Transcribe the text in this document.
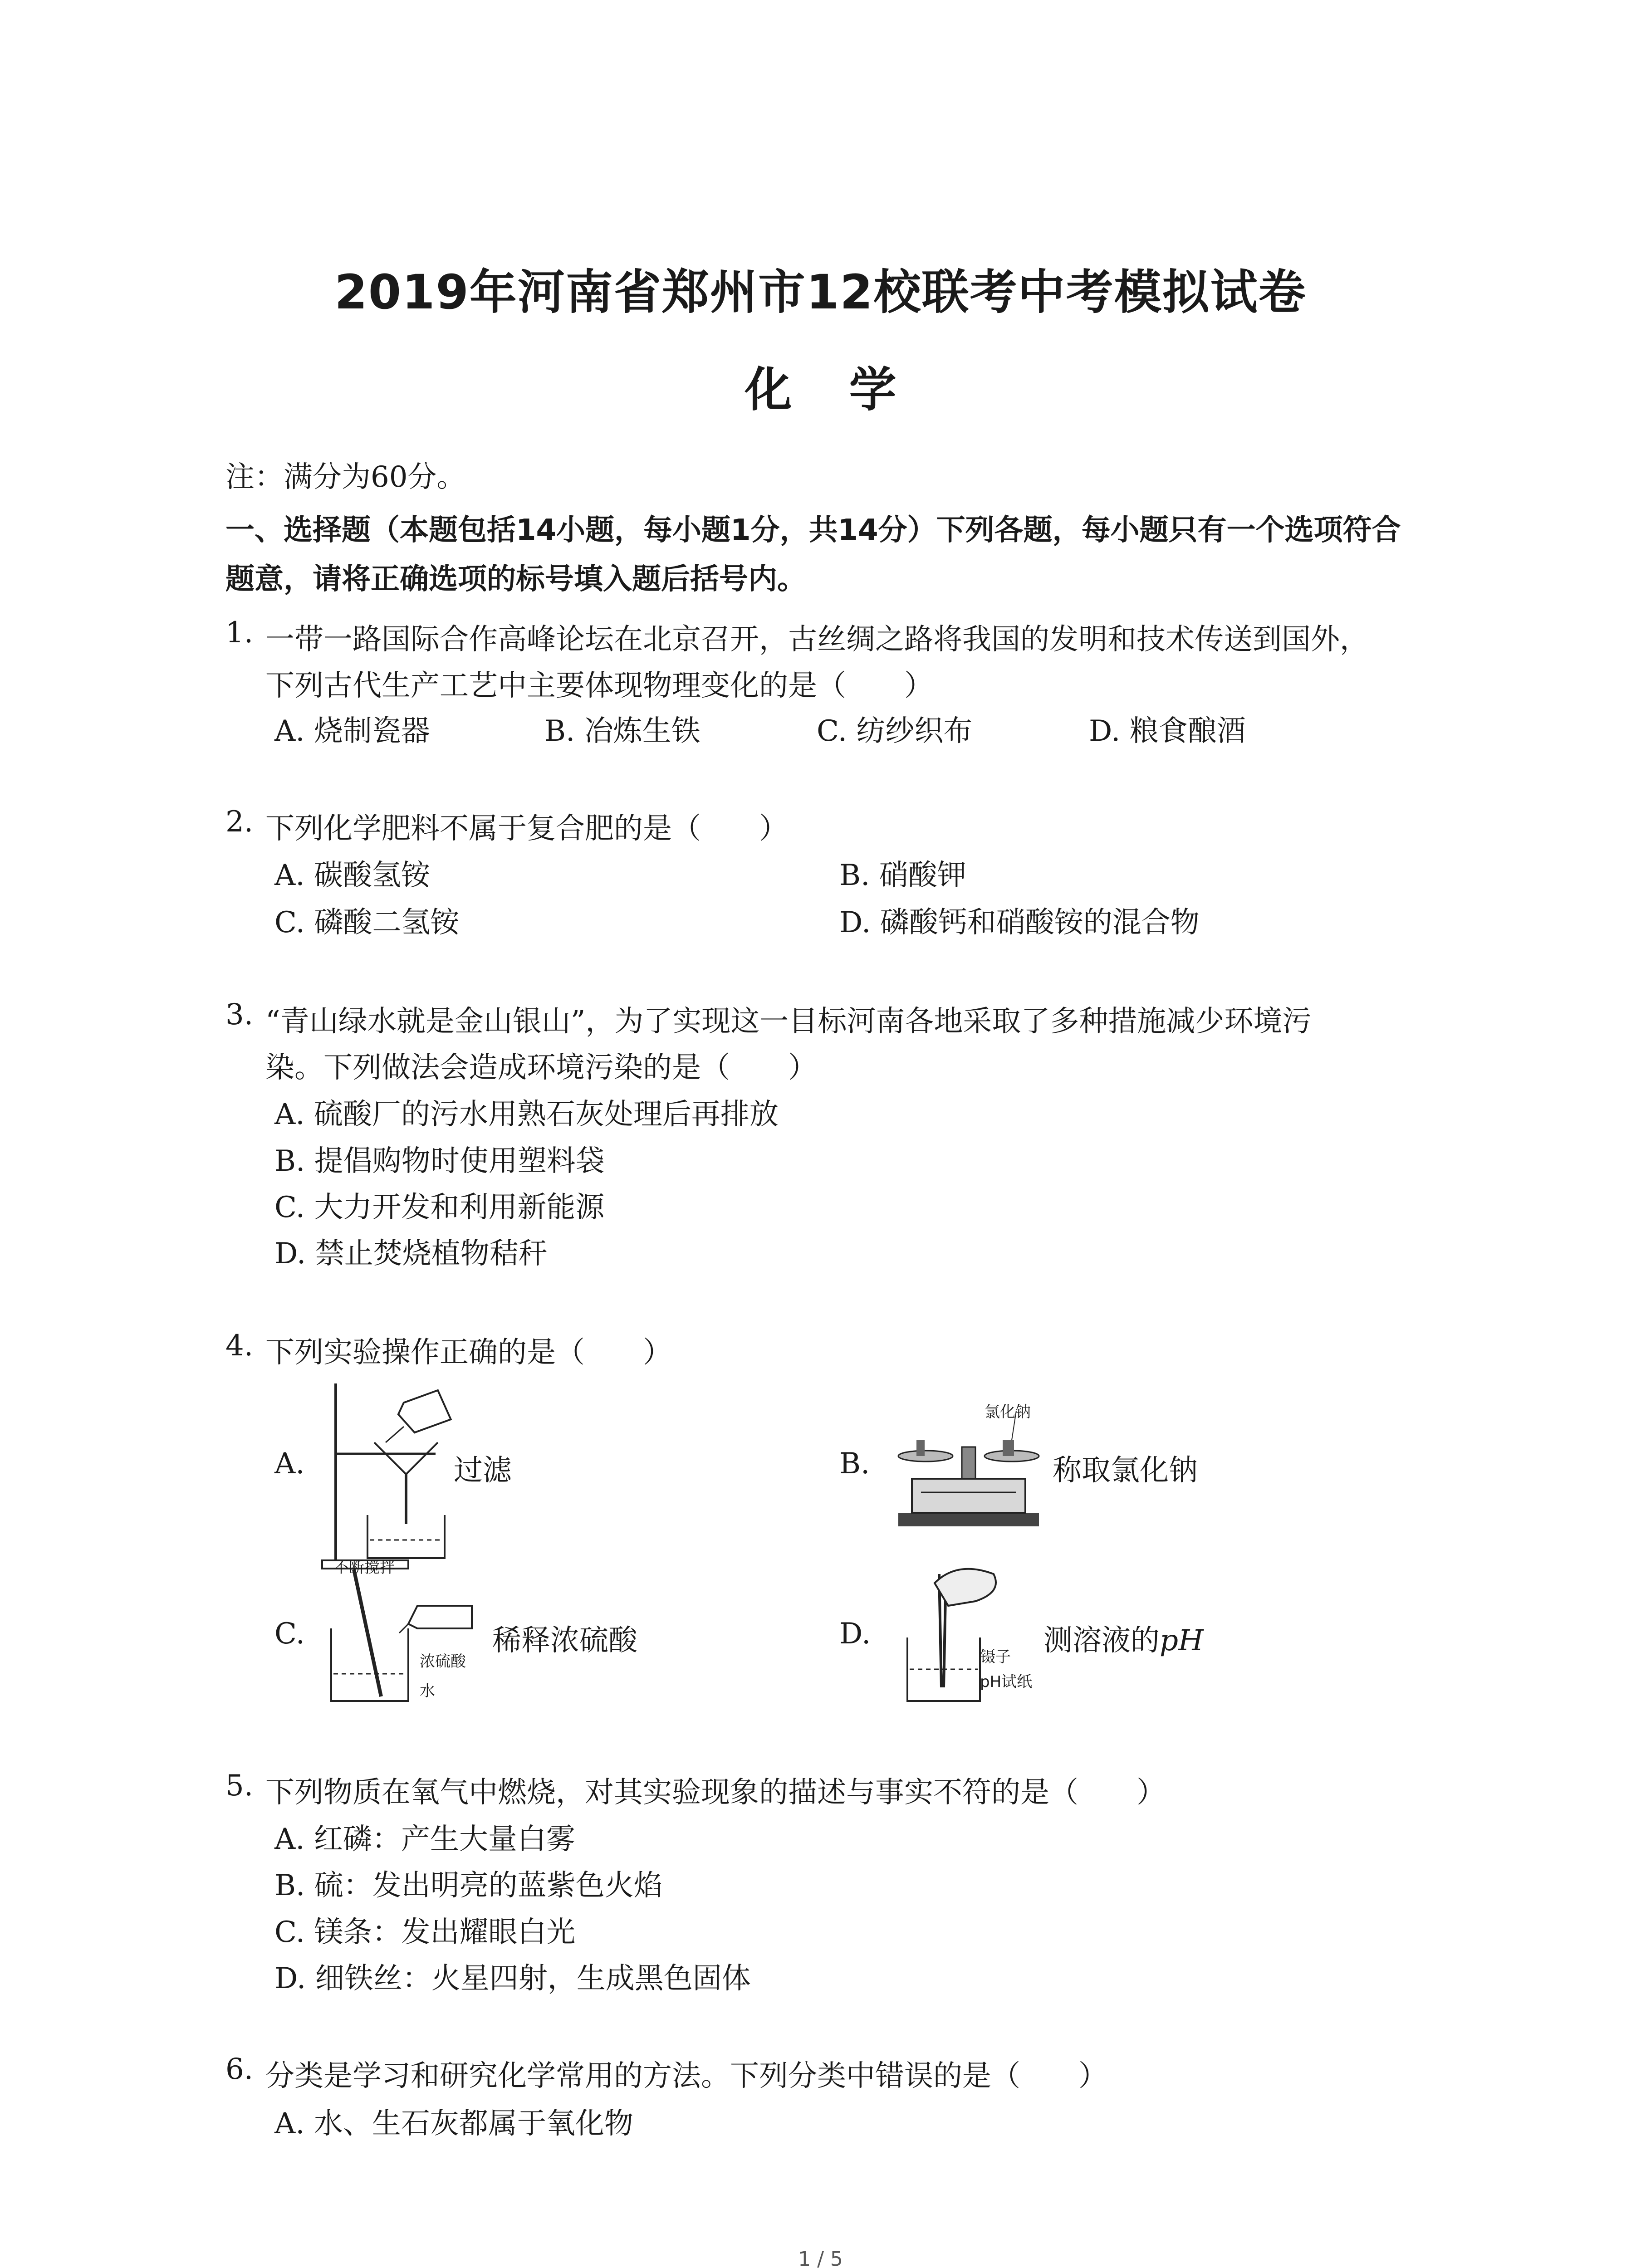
2019年河南省郑州市12校联考中考模拟试卷
化 学
注：满分为60分。
一、选择题（本题包括14小题，每小题1分，共14分）下列各题，每小题只有一个选项符合
题意，请将正确选项的标号填入题后括号内。
1. 一带一路国际合作高峰论坛在北京召开，古丝绸之路将我国的发明和技术传送到国外，
下列古代生产工艺中主要体现物理变化的是（　　）
A. 烧制瓷器	B. 冶炼生铁	C. 纺纱织布	D. 粮食酿酒
2. 下列化学肥料不属于复合肥的是（　　）
A. 碳酸氢铵	B. 硝酸钾
C. 磷酸二氢铵	D. 磷酸钙和硝酸铵的混合物
3. “青山绿水就是金山银山”，为了实现这一目标河南各地采取了多种措施减少环境污
染。下列做法会造成环境污染的是（　　）
A. 硫酸厂的污水用熟石灰处理后再排放
B. 提倡购物时使用塑料袋
C. 大力开发和利用新能源
D. 禁止焚烧植物秸秆
4. 下列实验操作正确的是（　　）
A.	过滤	B.
氯化钠
称取氯化钠
C.
不断搅拌
浓硫酸
水
稀释浓硫酸	D.
镊子
pH试纸
测溶液的pH
5. 下列物质在氧气中燃烧，对其实验现象的描述与事实不符的是（　　）
A. 红磷：产生大量白雾
B. 硫：发出明亮的蓝紫色火焰
C. 镁条：发出耀眼白光
D. 细铁丝：火星四射，生成黑色固体
6. 分类是学习和研究化学常用的方法。下列分类中错误的是（　　）
A. 水、生石灰都属于氧化物
1 / 5
